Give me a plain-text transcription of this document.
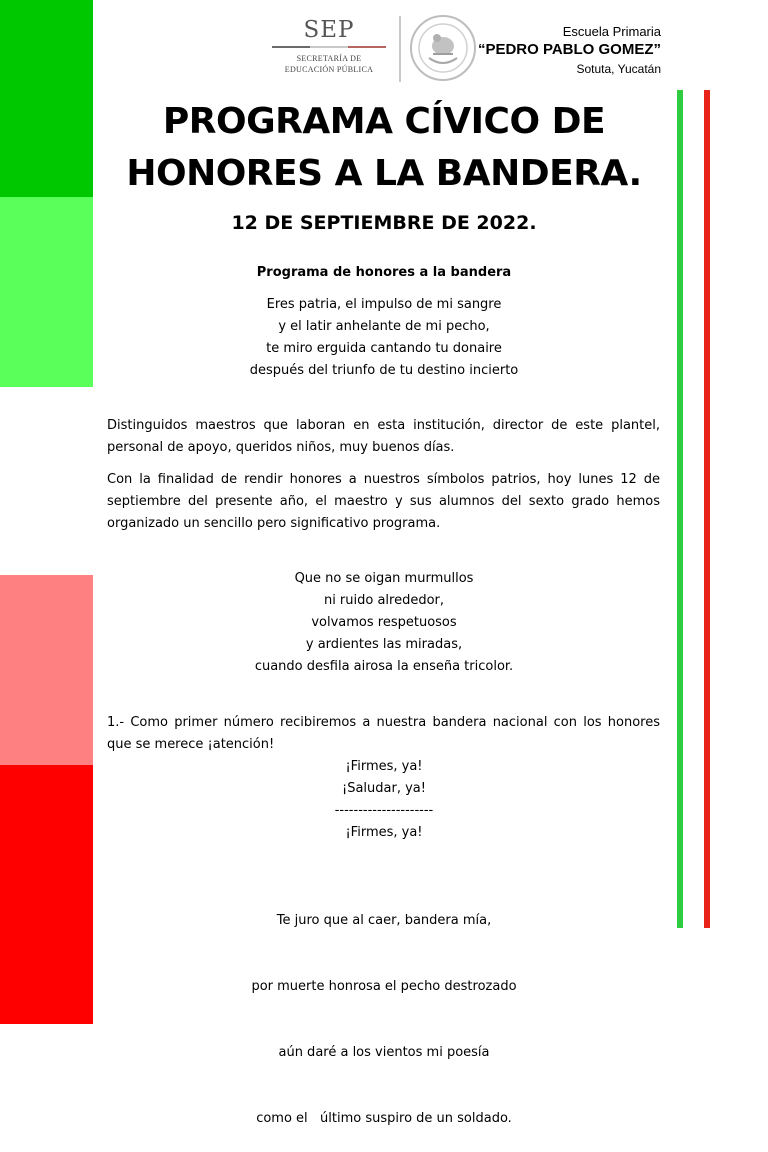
SEP
SECRETARÍA DE
EDUCACIÓN PÚBLICA
Escuela Primaria
“PEDRO PABLO GOMEZ”
Sotuta, Yucatán
PROGRAMA CÍVICO DE
HONORES A LA BANDERA.
12 DE SEPTIEMBRE DE 2022.
Programa de honores a la bandera
Eres patria, el impulso de mi sangre
y el latir anhelante de mi pecho,
te miro erguida cantando tu donaire
después del triunfo de tu destino incierto
Distinguidos maestros que laboran en esta institución, director de este plantel, personal de apoyo, queridos niños, muy buenos días.
Con la finalidad de rendir honores a nuestros símbolos patrios, hoy lunes 12 de septiembre del presente año, el maestro y sus alumnos del sexto grado hemos organizado un sencillo pero significativo programa.
Que no se oigan murmullos
ni ruido alrededor,
volvamos respetuosos
y ardientes las miradas,
cuando desfila airosa la enseña tricolor.
1.- Como primer número recibiremos a nuestra bandera nacional con los honores que se merece ¡atención!
¡Firmes, ya!
¡Saludar, ya!
---------------------
¡Firmes, ya!

Te juro que al caer, bandera mía,

por muerte honrosa el pecho destrozado

aún daré a los vientos mi poesía

como el   último suspiro de un soldado.
